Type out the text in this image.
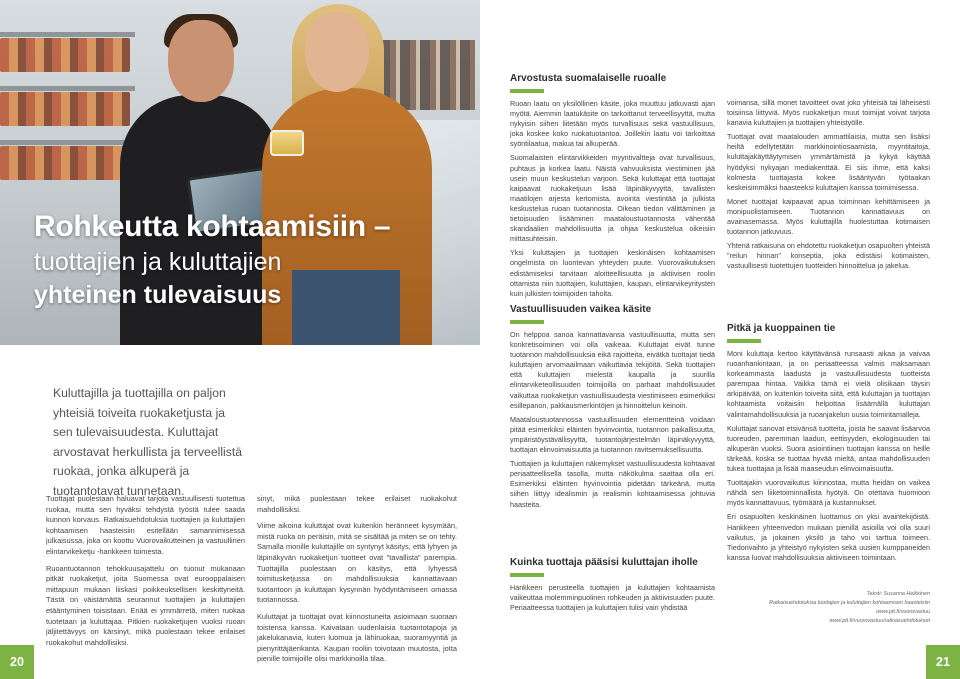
Rohkeutta kohtaamisiin –
tuottajien ja kuluttajien
yhteinen tulevaisuus
Kuluttajilla ja tuottajilla on paljon yhteisiä toiveita ruokaketjusta ja sen tulevaisuudesta. Kuluttajat arvostavat herkullista ja terveellistä ruokaa, jonka alkuperä ja tuotantotavat tunnetaan.

Tuottajat puolestaan haluavat tarjota vastuullisesti tuotettua ruokaa, mutta sen hyväksi tehdystä työstä tulee saada kunnon korvaus. Ratkaisuehdotuksia tuottajien ja kuluttajien kohtaamisen haasteisiin esitellään samannimisessä julkaisussa, joka on koottu Vuorovaikutteinen ja vastuullinen elintarvikeketju -hankkeen toimesta.

Ruoantuotannon tehokkuusajattelu on tuonut mukanaan pitkät ruokaketjut, joita Suomessa ovat eurooppalaisen mittapuun mukaan liiskasi poikkeuksellisen keskittyneitä. Tästä on väistämättä seurannut tuottajien ja kuluttajien etääntyminen toisistaan. Enää ei ymmärretä, miten ruokaa tuotetaan ja kuluttajaa. Pitkien ruokaketjujen vuoksi ruoan jäljitettävyys on kärsinyt, mikä puolestaan tekee erilaiset ruokakohut mahdollisiksi.

sinyt, mikä puolestaan tekee erilaiset ruokakohut mahdollisiksi.

Viime aikoina kuluttajat ovat kuitenkin heränneet kysymään, mistä ruoka on peräisin, mitä se sisältää ja miten se on tehty. Samalla monille kuluttajille on syntynyt käsitys, että lyhyen ja läpinäkyvän ruokaketjun tuotteet ovat "tavallista" parempia. Tuottajilla puolestaan on käsitys, että lyhyessä toimitusketjussa on mahdollisuuksia kannattavaan tuotantoon ja kuluttajan kysynnän hyödyntämiseen omassa tuotannossa.

Kuluttajat ja tuottajat ovat kiinnostuneita asioimaan suoraan toistensa kanssa. Kaivataan uudenlaisia tuotantotapoja ja jakelukanavia, kuten luomua ja lähiruokaa, suoramyyntiä ja pienyrittäjäerikanta. Kaupan rooliin toivotaan muutosta, jotta pienille toimijoille olisi markkinoilla tilaa.

20

Arvostusta suomalaiselle ruoalle

Ruoan laatu on yksilöllinen käsite, joka muuttuu jatkuvasti ajan myötä. Aiemmin laatukäsite on tarkoittanut terveellisyyttä, mutta nykyisin siihen liitetään myös turvallisuus sekä vastuullisuus, joka koskee koko ruokatuotantoa. Joillekin laatu voi tarkoittaa syöntilaatua, makua tai alkuperää.

Suomalaisten elintarvikkeiden myyntivaltteja ovat turvallisuus, puhtaus ja korkea laatu. Näistä vahvuuksista viestiminen jää usein muun keskustelun varjoon. Sekä kuluttajat että tuottajat kaipaavat ruokaketjuun lisää läpinäkyvyyttä, tavallisten maatilojen arjesta kertomista, avointa viestintää ja julkista keskustelua ruoan tuotannosta. Oikean tiedon välittäminen ja tietoisuuden lisääminen maataloustuotannosta vähentää skandaalien mahdollisuutta ja ohjaa keskustelua oikeisiin mittasuhteisiin.

Yksi kuluttajien ja tuottajien keskinäisen kohtaamisen ongelmista on luontevan yhteyden puute. Vuorovaikutuksen edistämiseksi tarvitaan aloitteellisuutta ja aktiivisen roolin ottamista niin tuottajien, kuluttajien, kaupan, elintarvikeyritysten kuin julkisten toimijoiden taholta.

Vastuullisuuden vaikea käsite

On helppoa sanoa kannattavansa vastuullisuutta, mutta sen konkretisoiminen voi olla vaikeaa. Kuluttajat eivät tunne tuotannon mahdollisuuksia eikä rajoitteita, eivätkä tuottajat tiedä kuluttajien arvomaailmaan vaikuttavia tekijöitä. Sekä tuottajien että kuluttajien mielestä kaupalla ja suurilla elintarviketeollisuuden toimijoilla on parhaat mahdollisuudet vaikuttaa ruokaketjun vastuullisuudesta viestimiseen esimerkiksi esillepanon, pakkausmerkintöjen ja hinnoittelun keinoin.

Maataloustuotannossa vastuullisuuden elementteinä voidaan pitää esimerkiksi eläinten hyvinvointia, tuotannon paikallisuutta, ympäristöystävällisyyttä, tuotantojärjestelmän läpinäkyvyyttä, tuottajan elinvoimaisuutta ja tuotannon ravitsemuksellisuutta.

Tuottajien ja kuluttajien näkemykset vastuullisuudesta kohtaavat periaatteellisella tasolla, mutta näkökulma saattaa olla eri. Esimerkiksi eläinten hyvinvointia pidetään tärkeänä, mutta siihen liittyy idealismin ja realismin kohtaamisessa johtuvia haasteita.

Kuinka tuottaja pääsisi kuluttajan iholle

Hankkeen perusteella tuottajien ja kuluttajien kohtaamista vaikeuttaa molemminpuolinen rohkeuden ja aktiivisuuden puute. Periaatteessa tuottajien ja kuluttajien tulisi vain yhdistää

voimansa, sillä monet tavoitteet ovat joko yhteisiä tai läheisesti toisiinsa liittyviä. Myös ruokaketjun muut toimijat voivat tarjota kanavia kuluttajien ja tuottajien yhteistyölle.

Tuottajat ovat maatalouden ammattilaisia, mutta sen lisäksi heiltä edellytetään markkinointiosaamista, myyntitaitoja, kuluttajakäyttäytymisen ymmärtämistä ja kykyä käyttää hyödyksi nykyajan mediakenttää. Ei siis ihme, että kaksi kolmesta tuottajasta kokee lisääntyvän työtaakan keskeisimmäksi haasteeksi kuluttajien kanssa toimimisessa.

Monet tuottajat kaipaavat apua toiminnan kehittämiseen ja monipuolistamiseen. Tuotannon kannattavuus on avainasemassa. Myös kuluttajilla huolestuttaa kotimaisen tuotannon jatkuvuus.

Yhtenä ratkaisuna on ehdotettu ruokaketjun osapuolten yhteistä "reilun hinnan" konseptia, joka edistäisi kotimaisten, vastuullisesti tuotettujen tuotteiden hinnoittelua ja jakelua.

Pitkä ja kuoppainen tie

Moni kuluttaja kertoo käyttävänsä runsaasti aikaa ja vaivaa ruoanhankintaan, ja on periaatteessa valmis maksamaan korkeammasta laadusta ja vastuullisuudesta tuotteista parempaa hintaa. Vaikka tämä ei vielä olisikaan täysin arkipäivää, on kuitenkin toiveita siitä, että kuluttajan ja tuottajan kohtaamista voitaisiin helpottaa lisäämällä kuluttajan valintamahdollisuuksia ja ruoanjakelun uusia toimintamalleja.

Kuluttajat sanovat etsivänsä tuotteita, joista he saavat lisäarvoa tuoreuden, paremman laadun, eettisyyden, ekologisuuden tai alkuperän vuoksi. Suora asiointiinen tuottajan kanssa on heille tärkeää, koska se tuottaa hyvää mieltä, antaa mahdollisuuden tukea tuottajaa ja lisää maaseudun elinvoimaisuutta.

Tuottajakin vuorovaikutus kiinnostaa, mutta heidän on vaikea nähdä sen liiketoiminnallista hyötyä. On otettava huomioon myös kannattavuus, työmäärä ja kustannukset.

Eri osapuolten keskinäinen luottamus on yksi avaintekijöistä. Hankkeen yhteenvedon mukaan pienillä asioilla voi olla suuri vaikutus, ja jokainen yksilö ja taho voi tarttua toimeen. Tiedonvaihto ja yhteistyö nykyisten sekä uusien kumppaneiden kanssa luovat mahdollisuuksia aktiiviseen toimintaan.

Teksti: Susanna Heikkinen
Ratkaisuehdotuksia tuottajien ja kuluttajien kohtaamisen haasteisiin
www.ptt.fi/vuorovastuu
www.ptt.fi/vuorovastuu/ratkaisuehdotukset
21
